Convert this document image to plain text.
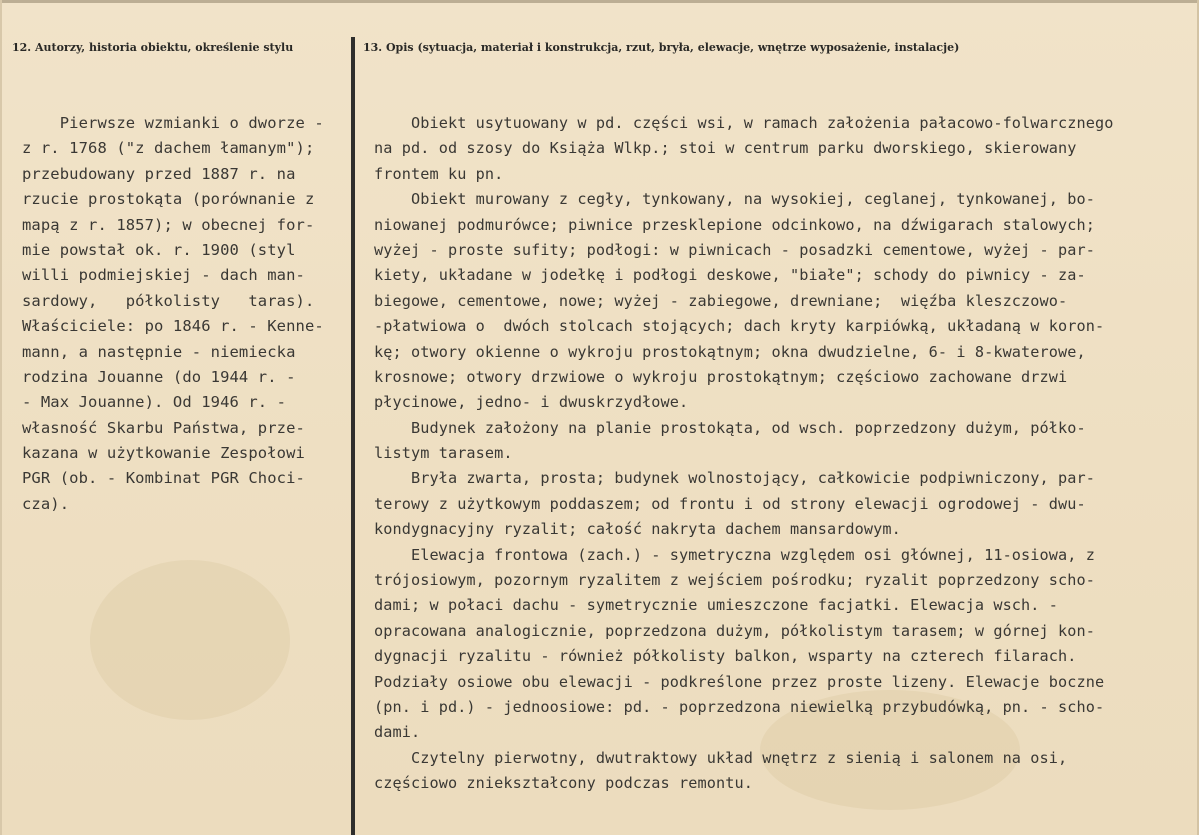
12. Autorzy, historia obiektu, określenie stylu	13. Opis (sytuacja, materiał i konstrukcja, rzut, bryła, elewacje, wnętrze wyposażenie, instalacje)
Pierwsze wzmianki o dworze -
z r. 1768 ("z dachem łamanym");
przebudowany przed 1887 r. na
rzucie prostokąta (porównanie z
mapą z r. 1857); w obecnej for-
mie powstał ok. r. 1900 (styl
willi podmiejskiej - dach man-
sardowy,   półkolisty   taras).
Właściciele: po 1846 r. - Kenne-
mann, a następnie - niemiecka
rodzina Jouanne (do 1944 r. -
- Max Jouanne). Od 1946 r. -
własność Skarbu Państwa, prze-
kazana w użytkowanie Zespołowi
PGR (ob. - Kombinat PGR Choci-
cza).
Obiekt usytuowany w pd. części wsi, w ramach założenia pałacowo-folwarcznego
na pd. od szosy do Książa Wlkp.; stoi w centrum parku dworskiego, skierowany
frontem ku pn.
Obiekt murowany z cegły, tynkowany, na wysokiej, ceglanej, tynkowanej, bo-
niowanej podmurówce; piwnice przesklepione odcinkowo, na dźwigarach stalowych;
wyżej - proste sufity; podłogi: w piwnicach - posadzki cementowe, wyżej - par-
kiety, układane w jodełkę i podłogi deskowe, "białe"; schody do piwnicy - za-
biegowe, cementowe, nowe; wyżej - zabiegowe, drewniane;  więźba kleszczowo-
-płatwiowa o  dwóch stolcach stojących; dach kryty karpiówką, układaną w koron-
kę; otwory okienne o wykroju prostokątnym; okna dwudzielne, 6- i 8-kwaterowe,
krosnowe; otwory drzwiowe o wykroju prostokątnym; częściowo zachowane drzwi
płycinowe, jedno- i dwuskrzydłowe.
Budynek założony na planie prostokąta, od wsch. poprzedzony dużym, półko-
listym tarasem.
Bryła zwarta, prosta; budynek wolnostojący, całkowicie podpiwniczony, par-
terowy z użytkowym poddaszem; od frontu i od strony elewacji ogrodowej - dwu-
kondygnacyjny ryzalit; całość nakryta dachem mansardowym.
Elewacja frontowa (zach.) - symetryczna względem osi głównej, 11-osiowa, z
trójosiowym, pozornym ryzalitem z wejściem pośrodku; ryzalit poprzedzony scho-
dami; w połaci dachu - symetrycznie umieszczone facjatki. Elewacja wsch. -
opracowana analogicznie, poprzedzona dużym, półkolistym tarasem; w górnej kon-
dygnacji ryzalitu - również półkolisty balkon, wsparty na czterech filarach.
Podziały osiowe obu elewacji - podkreślone przez proste lizeny. Elewacje boczne
(pn. i pd.) - jednoosiowe: pd. - poprzedzona niewielką przybudówką, pn. - scho-
dami.
Czytelny pierwotny, dwutraktowy układ wnętrz z sienią i salonem na osi,
częściowo zniekształcony podczas remontu.
